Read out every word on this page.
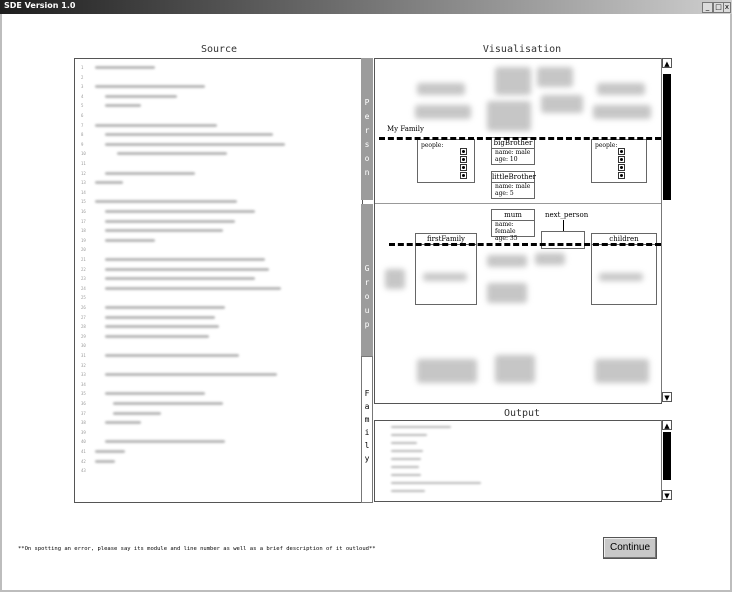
SDE Version 1.0	_ □ x
Source
1
2
3
4
5
6
7
8
9
10
11
12
13
14
15
16
17
18
19
20
21
22
23
24
25
26
27
28
29
30
31
32
33
34
35
36
37
38
39
40
41
42
43
P
e
r
s
o
n
G
r
o
u
p
F
a
m
i
l
y
Visualisation
My Family
people:	bigBrother
name: male
age: 10
littleBrother
name: male
age: 5
people:
mum
name: female
age: 35
next_person
firstFamily	children
▲
▼
Output
▲
▼
**On spotting an error, please say its module and line number as well as a brief description of it outloud**	Continue
